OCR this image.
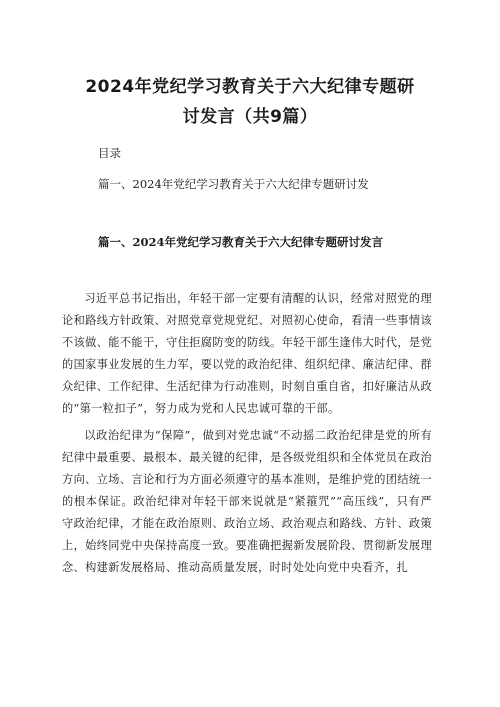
2024年党纪学习教育关于六大纪律专题研
讨发言（共9篇）
目录
篇一、2024年党纪学习教育关于六大纪律专题研讨发
篇一、2024年党纪学习教育关于六大纪律专题研讨发言

习近平总书记指出，年轻干部一定要有清醒的认识，经常对照党的理论和路线方针政策、对照党章党规党纪、对照初心使命，看清一些事情该不该做、能不能干，守住拒腐防变的防线。年轻干部生逢伟大时代，是党的国家事业发展的生力军，要以党的政治纪律、组织纪律、廉洁纪律、群众纪律、工作纪律、生活纪律为行动准则，时刻自重自省，扣好廉洁从政的“第一粒扣子”，努力成为党和人民忠诚可靠的干部。

以政治纪律为“保障”，做到对党忠诚“不动摇二政治纪律是党的所有纪律中最重要、最根本、最关键的纪律，是各级党组织和全体党员在政治方向、立场、言论和行为方面必须遵守的基本准则，是维护党的团结统一的根本保证。政治纪律对年轻干部来说就是“紧箍咒”“高压线”，只有严守政治纪律，才能在政治原则、政治立场、政治观点和路线、方针、政策上，始终同党中央保持高度一致。要准确把握新发展阶段、贯彻新发展理念、构建新发展格局、推动高质量发展，时时处处向党中央看齐，扎
